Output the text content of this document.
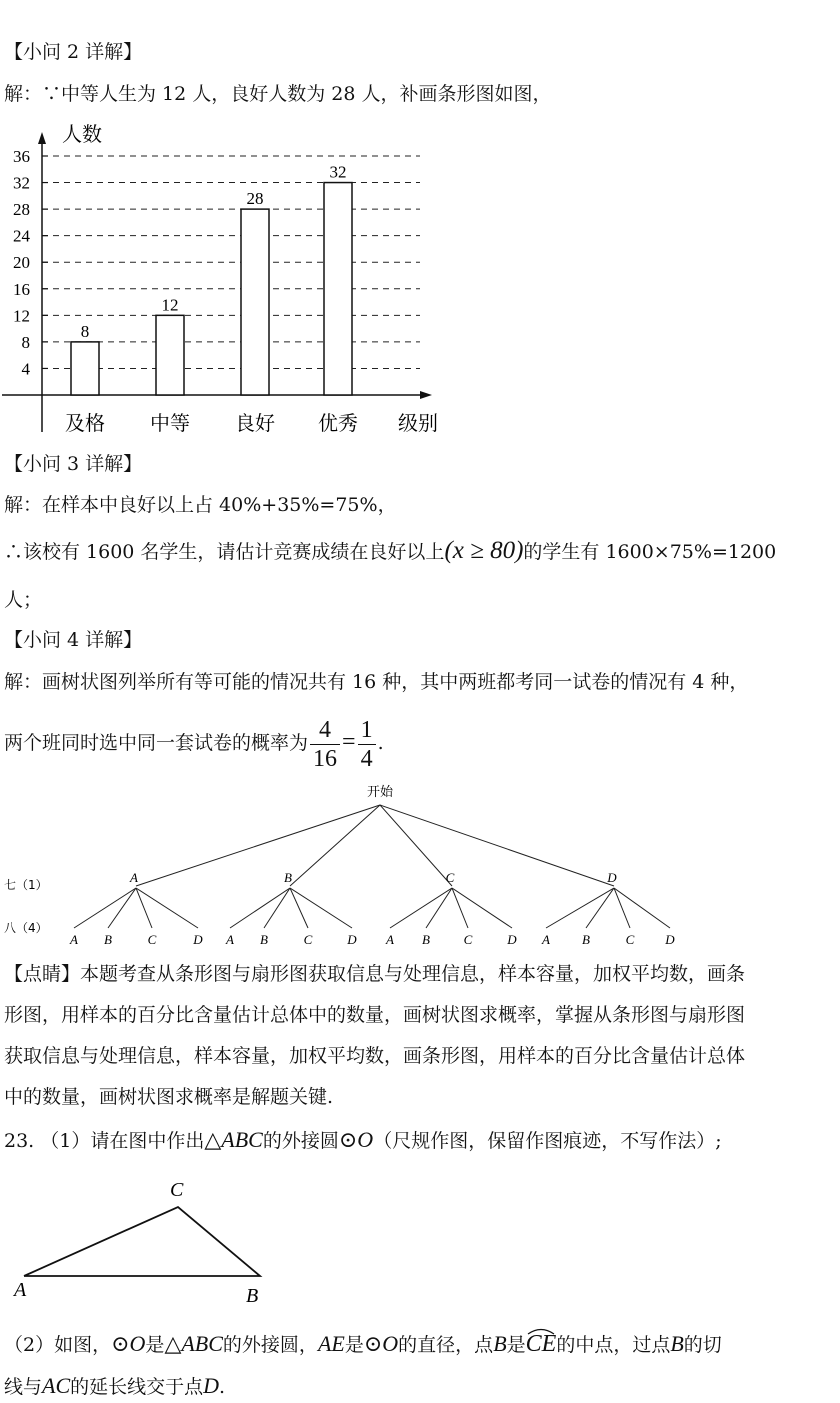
【小问 2 详解】
解：∵中等人生为 12 人，良好人数为 28 人，补画条形图如图，
人数
级别
4
8
12
16
20
24
28
32
36
8
12
28
32
及格 中等 良好 优秀
【小问 3 详解】
解：在样本中良好以上占 40%+35%=75%，
∴该校有 1600 名学生，请估计竞赛成绩在良好以上(x ≥ 80)的学生有 1600×75%=1200
人；
【小问 4 详解】
解：画树状图列举所有等可能的情况共有 16 种，其中两班都考同一试卷的情况有 4 种，
两个班同时选中同一套试卷的概率为 $\frac{4}{16} = \frac{1}{4}$ .
开始
七（1）
八（4）
A
A B	C	D
B
A B	C	D
C
A B	C	D
D
A B	C D
【点睛】本题考查从条形图与扇形图获取信息与处理信息，样本容量，加权平均数，画条
形图，用样本的百分比含量估计总体中的数量，画树状图求概率，掌握从条形图与扇形图
获取信息与处理信息，样本容量，加权平均数，画条形图，用样本的百分比含量估计总体
中的数量，画树状图求概率是解题关键.
23. （1）请在图中作出△ABC的外接圆⊙O（尺规作图，保留作图痕迹，不写作法）;
A	B
C
（2）如图，⊙O是△ABC的外接圆，AE是⊙O的直径，点B是CE
的中点，过点B的切
线与AC的延长线交于点D.
